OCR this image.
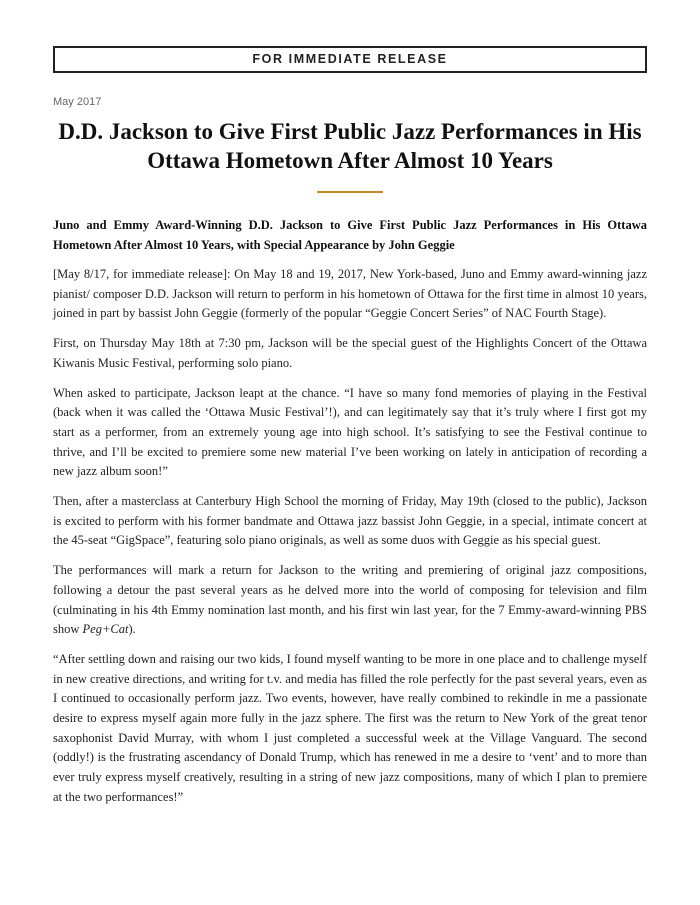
FOR IMMEDIATE RELEASE
May 2017
D.D. Jackson to Give First Public Jazz Performances in His Ottawa Hometown After Almost 10 Years

Juno and Emmy Award-Winning D.D. Jackson to Give First Public Jazz Performances in His Ottawa Hometown After Almost 10 Years, with Special Appearance by John Geggie

[May 8/17, for immediate release]: On May 18 and 19, 2017, New York-based, Juno and Emmy award-winning jazz pianist/ composer D.D. Jackson will return to perform in his hometown of Ottawa for the first time in almost 10 years, joined in part by bassist John Geggie (formerly of the popular “Geggie Concert Series” of NAC Fourth Stage).

First, on Thursday May 18th at 7:30 pm, Jackson will be the special guest of the Highlights Concert of the Ottawa Kiwanis Music Festival, performing solo piano.

When asked to participate, Jackson leapt at the chance. “I have so many fond memories of playing in the Festival (back when it was called the ‘Ottawa Music Festival’!), and can legitimately say that it’s truly where I first got my start as a performer, from an extremely young age into high school. It’s satisfying to see the Festival continue to thrive, and I’ll be excited to premiere some new material I’ve been working on lately in anticipation of recording a new jazz album soon!”

Then, after a masterclass at Canterbury High School the morning of Friday, May 19th (closed to the public), Jackson is excited to perform with his former bandmate and Ottawa jazz bassist John Geggie, in a special, intimate concert at the 45-seat “GigSpace”, featuring solo piano originals, as well as some duos with Geggie as his special guest.

The performances will mark a return for Jackson to the writing and premiering of original jazz compositions, following a detour the past several years as he delved more into the world of composing for television and film (culminating in his 4th Emmy nomination last month, and his first win last year, for the 7 Emmy-award-winning PBS show Peg+Cat).

“After settling down and raising our two kids, I found myself wanting to be more in one place and to challenge myself in new creative directions, and writing for t.v. and media has filled the role perfectly for the past several years, even as I continued to occasionally perform jazz. Two events, however, have really combined to rekindle in me a passionate desire to express myself again more fully in the jazz sphere. The first was the return to New York of the great tenor saxophonist David Murray, with whom I just completed a successful week at the Village Vanguard. The second (oddly!) is the frustrating ascendancy of Donald Trump, which has renewed in me a desire to ‘vent’ and to more than ever truly express myself creatively, resulting in a string of new jazz compositions, many of which I plan to premiere at the two performances!”
